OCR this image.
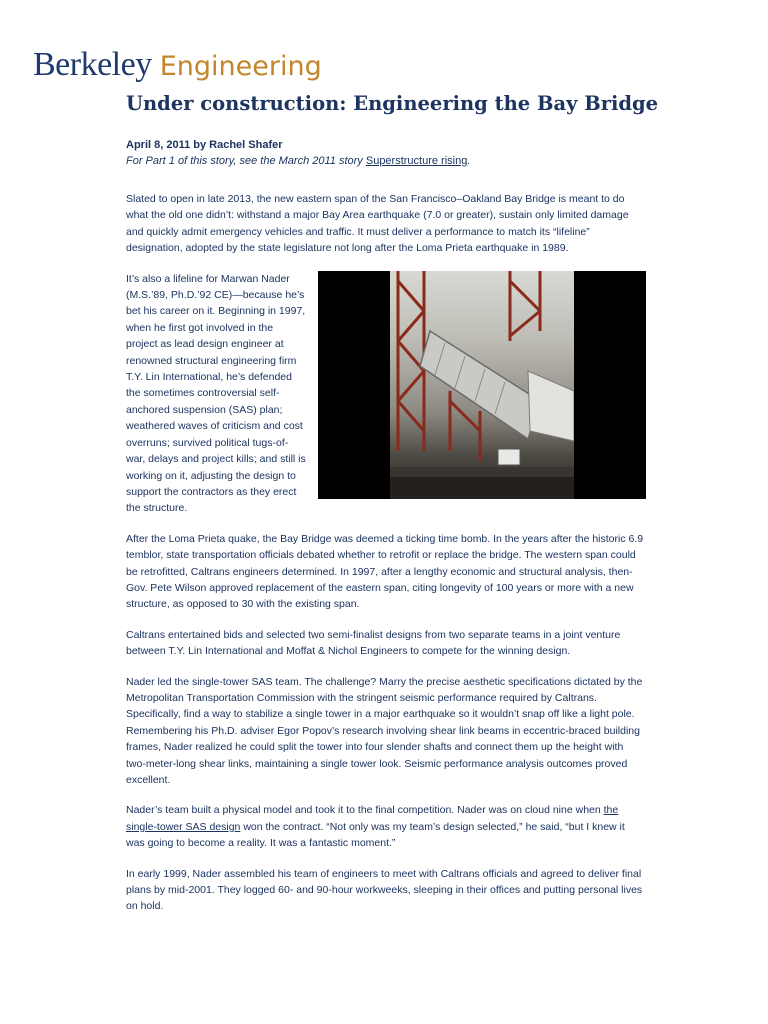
Berkeley Engineering
Under construction: Engineering the Bay Bridge
April 8, 2011 by Rachel Shafer
For Part 1 of this story, see the March 2011 story Superstructure rising.

Slated to open in late 2013, the new eastern span of the San Francisco–Oakland Bay Bridge is meant to do what the old one didn’t: withstand a major Bay Area earthquake (7.0 or greater), sustain only limited damage and quickly admit emergency vehicles and traffic. It must deliver a performance to match its “lifeline” designation, adopted by the state legislature not long after the Loma Prieta earthquake in 1989.

It’s also a lifeline for Marwan Nader (M.S.’89, Ph.D.’92 CE)—because he’s bet his career on it. Beginning in 1997, when he first got involved in the project as lead design engineer at renowned structural engineering firm T.Y. Lin International, he’s defended the sometimes controversial self-anchored suspension (SAS) plan; weathered waves of criticism and cost overruns; survived political tugs-of-war, delays and project kills; and still is working on it, adjusting the design to support the contractors as they erect the structure.

After the Loma Prieta quake, the Bay Bridge was deemed a ticking time bomb. In the years after the historic 6.9 temblor, state transportation officials debated whether to retrofit or replace the bridge. The western span could be retrofitted, Caltrans engineers determined. In 1997, after a lengthy economic and structural analysis, then-Gov. Pete Wilson approved replacement of the eastern span, citing longevity of 100 years or more with a new structure, as opposed to 30 with the existing span.

Caltrans entertained bids and selected two semi-finalist designs from two separate teams in a joint venture between T.Y. Lin International and Moffat & Nichol Engineers to compete for the winning design.

Nader led the single-tower SAS team. The challenge? Marry the precise aesthetic specifications dictated by the Metropolitan Transportation Commission with the stringent seismic performance required by Caltrans. Specifically, find a way to stabilize a single tower in a major earthquake so it wouldn’t snap off like a light pole. Remembering his Ph.D. adviser Egor Popov’s research involving shear link beams in eccentric-braced building frames, Nader realized he could split the tower into four slender shafts and connect them up the height with two-meter-long shear links, maintaining a single tower look. Seismic performance analysis outcomes proved excellent.

Nader’s team built a physical model and took it to the final competition. Nader was on cloud nine when the single-tower SAS design won the contract. “Not only was my team’s design selected,” he said, “but I knew it was going to become a reality. It was a fantastic moment.”

In early 1999, Nader assembled his team of engineers to meet with Caltrans officials and agreed to deliver final plans by mid-2001. They logged 60- and 90-hour workweeks, sleeping in their offices and putting personal lives on hold.
